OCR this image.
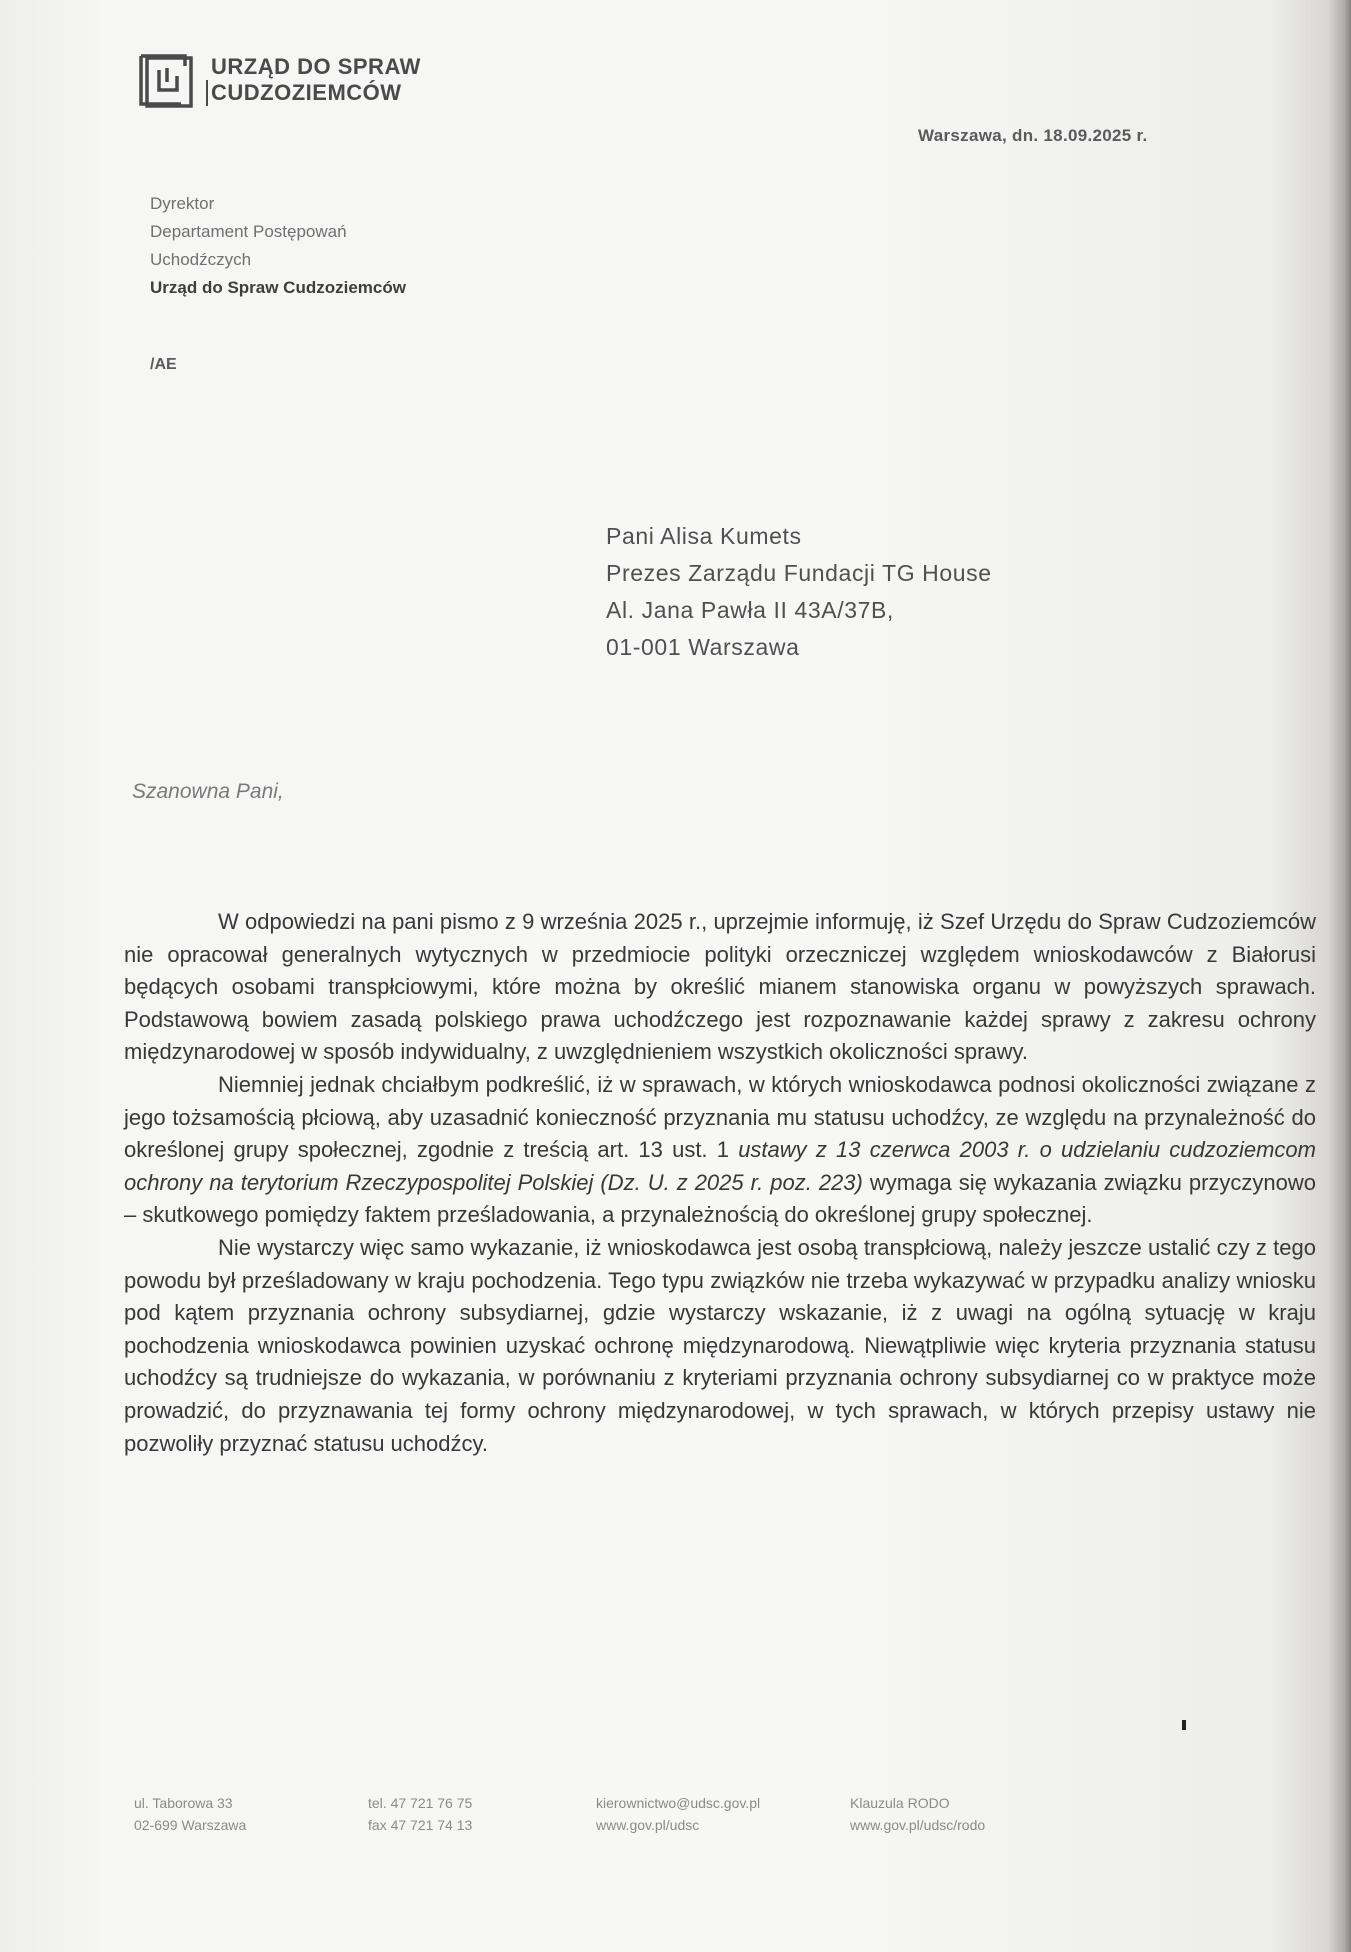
URZĄD DO SPRAW
CUDZOZIEMCÓW
Warszawa, dn. 18.09.2025 r.
Dyrektor
Departament Postępowań
Uchodźczych
Urząd do Spraw Cudzoziemców
/AE
Pani Alisa Kumets
Prezes Zarządu Fundacji TG House
Al. Jana Pawła II 43A/37B,
01-001 Warszawa
Szanowna Pani,

W odpowiedzi na pani pismo z 9 września 2025 r., uprzejmie informuję, iż Szef Urzędu do Spraw Cudzoziemców nie opracował generalnych wytycznych w przedmiocie polityki orzeczniczej względem wnioskodawców z Białorusi będących osobami transpłciowymi, które można by określić mianem stanowiska organu w powyższych sprawach. Podstawową bowiem zasadą polskiego prawa uchodźczego jest rozpoznawanie każdej sprawy z zakresu ochrony międzynarodowej w sposób indywidualny, z uwzględnieniem wszystkich okoliczności sprawy.

Niemniej jednak chciałbym podkreślić, iż w sprawach, w których wnioskodawca podnosi okoliczności związane z jego tożsamością płciową, aby uzasadnić konieczność przyznania mu statusu uchodźcy, ze względu na przynależność do określonej grupy społecznej, zgodnie z treścią art. 13 ust. 1 ustawy z 13 czerwca 2003 r. o udzielaniu cudzoziemcom ochrony na terytorium Rzeczypospolitej Polskiej (Dz. U. z 2025 r. poz. 223) wymaga się wykazania związku przyczynowo – skutkowego pomiędzy faktem prześladowania, a przynależnością do określonej grupy społecznej.

Nie wystarczy więc samo wykazanie, iż wnioskodawca jest osobą transpłciową, należy jeszcze ustalić czy z tego powodu był prześladowany w kraju pochodzenia. Tego typu związków nie trzeba wykazywać w przypadku analizy wniosku pod kątem przyznania ochrony subsydiarnej, gdzie wystarczy wskazanie, iż z uwagi na ogólną sytuację w kraju pochodzenia wnioskodawca powinien uzyskać ochronę międzynarodową. Niewątpliwie więc kryteria przyznania statusu uchodźcy są trudniejsze do wykazania, w porównaniu z kryteriami przyznania ochrony subsydiarnej co w praktyce może prowadzić, do przyznawania tej formy ochrony międzynarodowej, w tych sprawach, w których przepisy ustawy nie pozwoliły przyznać statusu uchodźcy.

ul. Taborowa 33
02-699 Warszawa
tel. 47 721 76 75
fax 47 721 74 13
kierownictwo@udsc.gov.pl
www.gov.pl/udsc
Klauzula RODO
www.gov.pl/udsc/rodo
